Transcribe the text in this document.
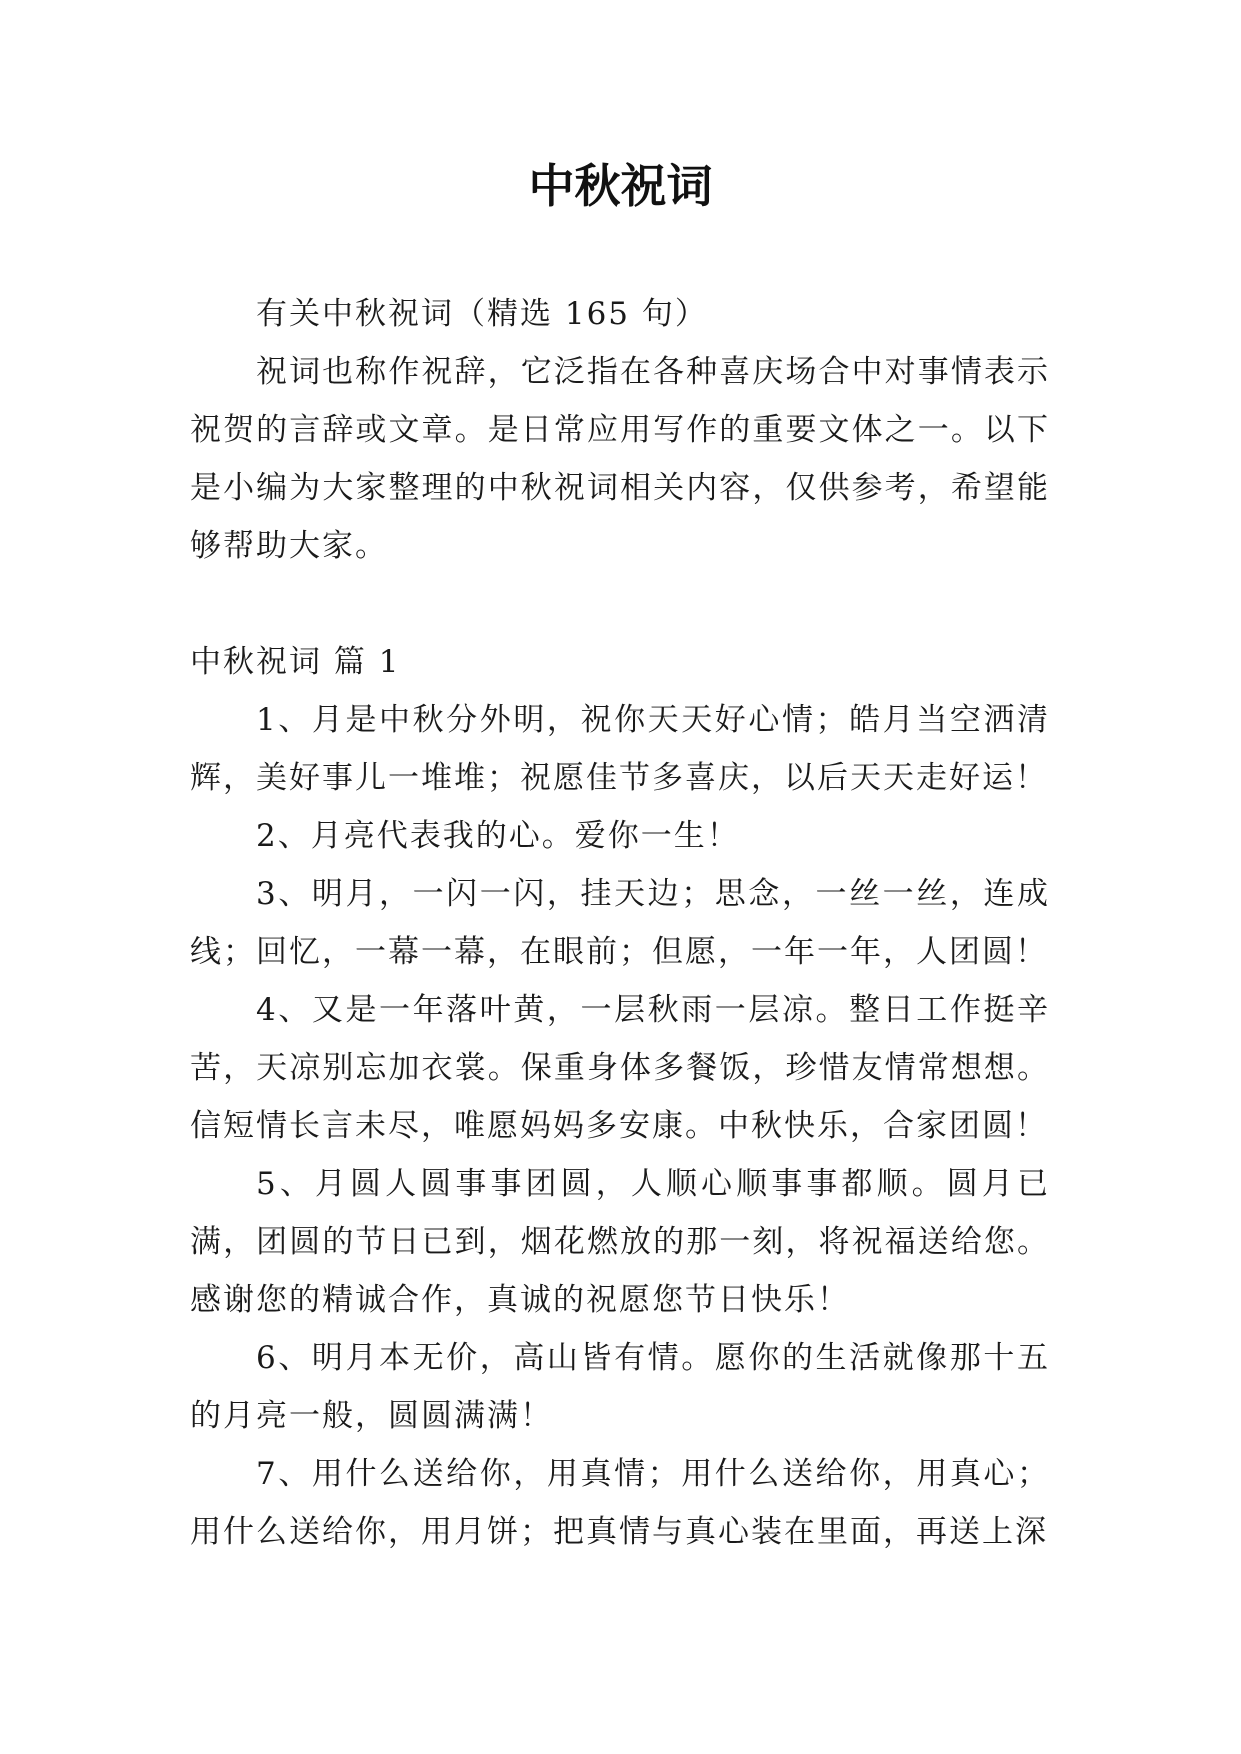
中秋祝词

有关中秋祝词（精选 165 句）

祝词也称作祝辞，它泛指在各种喜庆场合中对事情表示祝贺的言辞或文章。是日常应用写作的重要文体之一。以下是小编为大家整理的中秋祝词相关内容，仅供参考，希望能够帮助大家。

中秋祝词 篇 1

1、月是中秋分外明，祝你天天好心情；皓月当空洒清辉，美好事儿一堆堆；祝愿佳节多喜庆，以后天天走好运！

2、月亮代表我的心。爱你一生！

3、明月，一闪一闪，挂天边；思念，一丝一丝，连成线；回忆，一幕一幕，在眼前；但愿，一年一年，人团圆！

4、又是一年落叶黄，一层秋雨一层凉。整日工作挺辛苦，天凉别忘加衣裳。保重身体多餐饭，珍惜友情常想想。信短情长言未尽，唯愿妈妈多安康。中秋快乐，合家团圆！

5、月圆人圆事事团圆，人顺心顺事事都顺。圆月已满，团圆的节日已到，烟花燃放的那一刻，将祝福送给您。感谢您的精诚合作，真诚的祝愿您节日快乐！

6、明月本无价，高山皆有情。愿你的生活就像那十五的月亮一般，圆圆满满！

7、用什么送给你，用真情；用什么送给你，用真心；用什么送给你，用月饼；把真情与真心装在里面，再送上深
